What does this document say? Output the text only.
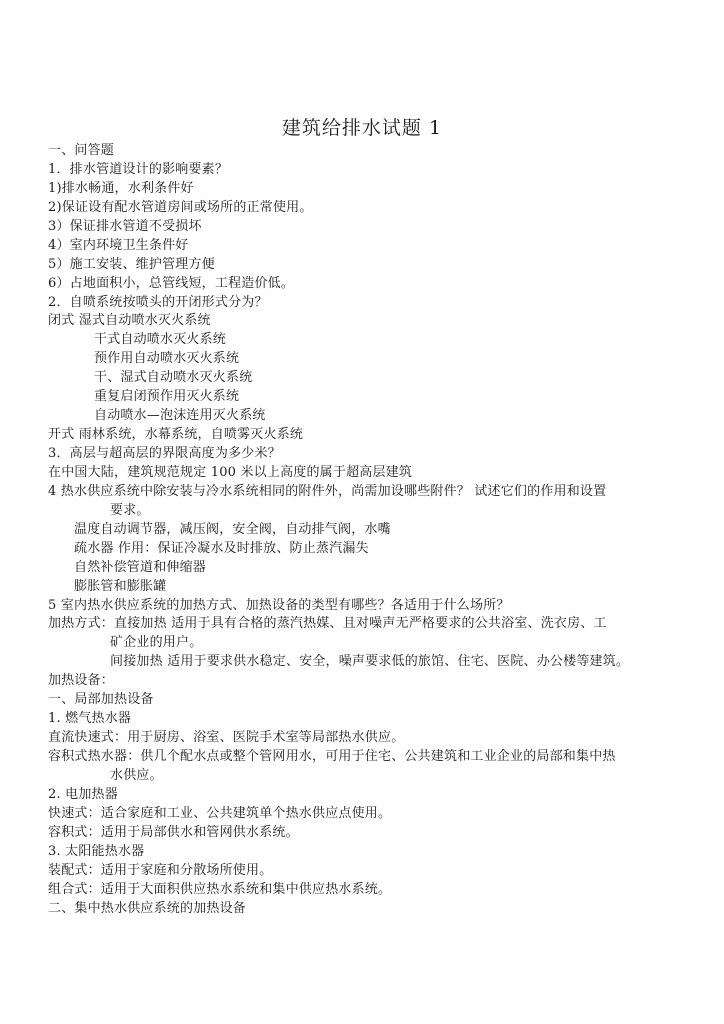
建筑给排水试题 1
一、问答题
1．排水管道设计的影响要素？
1)排水畅通，水利条件好
2)保证设有配水管道房间或场所的正常使用。
3）保证排水管道不受损坏
4）室内环境卫生条件好
5）施工安装、维护管理方便
6）占地面积小，总管线短，工程造价低。
2．自喷系统按喷头的开闭形式分为？
闭式 湿式自动喷水灭火系统
干式自动喷水灭火系统
预作用自动喷水灭火系统
干、湿式自动喷水灭火系统
重复启闭预作用灭火系统
自动喷水—泡沫连用灭火系统
开式 雨林系统，水幕系统，自喷雾灭火系统
3．高层与超高层的界限高度为多少米？
在中国大陆，建筑规范规定 100 米以上高度的属于超高层建筑
4 热水供应系统中除安装与冷水系统相同的附件外，尚需加设哪些附件？ 试述它们的作用和设置
要求。
温度自动调节器，减压阀，安全阀，自动排气阀，水嘴
疏水器 作用：保证冷凝水及时排放、防止蒸汽漏失
自然补偿管道和伸缩器
膨胀管和膨胀罐
5 室内热水供应系统的加热方式、加热设备的类型有哪些？各适用于什么场所？
加热方式：直接加热 适用于具有合格的蒸汽热媒、且对噪声无严格要求的公共浴室、洗衣房、工
矿企业的用户。
间接加热 适用于要求供水稳定、安全，噪声要求低的旅馆、住宅、医院、办公楼等建筑。
加热设备：
一、局部加热设备
1. 燃气热水器
直流快速式：用于厨房、浴室、医院手术室等局部热水供应。
容积式热水器：供几个配水点或整个管网用水，可用于住宅、公共建筑和工业企业的局部和集中热
水供应。
2. 电加热器
快速式：适合家庭和工业、公共建筑单个热水供应点使用。
容积式：适用于局部供水和管网供水系统。
3. 太阳能热水器
装配式：适用于家庭和分散场所使用。
组合式：适用于大面积供应热水系统和集中供应热水系统。
二、集中热水供应系统的加热设备
